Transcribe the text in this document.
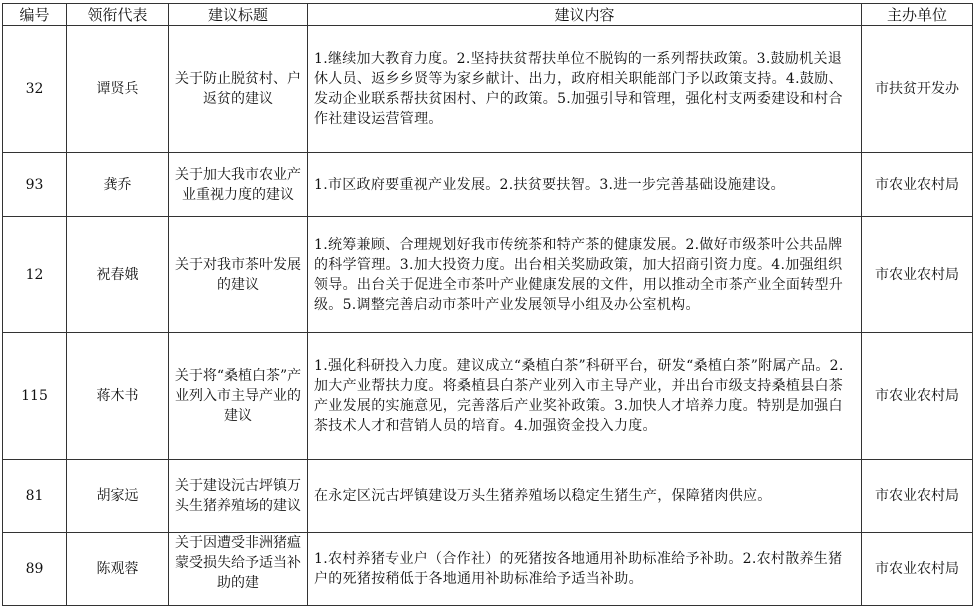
编号	领衔代表	建议标题	建议内容	主办单位
32	谭贤兵	关于防止脱贫村、户返贫的建议	1.继续加大教育力度。2.坚持扶贫帮扶单位不脱钩的一系列帮扶政策。3.鼓励机关退休人员、返乡乡贤等为家乡献计、出力，政府相关职能部门予以政策支持。4.鼓励、发动企业联系帮扶贫困村、户的政策。5.加强引导和管理，强化村支两委建设和村合作社建设运营管理。	市扶贫开发办
93	龚乔	关于加大我市农业产业重视力度的建议	1.市区政府要重视产业发展。2.扶贫要扶智。3.进一步完善基础设施建设。	市农业农村局
12	祝春娥	关于对我市茶叶发展的建议	1.统筹兼顾、合理规划好我市传统茶和特产茶的健康发展。2.做好市级茶叶公共品牌的科学管理。3.加大投资力度。出台相关奖励政策，加大招商引资力度。4.加强组织领导。出台关于促进全市茶叶产业健康发展的文件，用以推动全市茶产业全面转型升级。5.调整完善启动市茶叶产业发展领导小组及办公室机构。	市农业农村局
115	蒋木书	关于将“桑植白茶”产业列入市主导产业的建议	1.强化科研投入力度。建议成立“桑植白茶”科研平台，研发“桑植白茶”附属产品。2.加大产业帮扶力度。将桑植县白茶产业列入市主导产业，并出台市级支持桑植县白茶产业发展的实施意见，完善落后产业奖补政策。3.加快人才培养力度。特别是加强白茶技术人才和营销人员的培育。4.加强资金投入力度。	市农业农村局
81	胡家远	关于建设沅古坪镇万头生猪养殖场的建议	在永定区沅古坪镇建设万头生猪养殖场以稳定生猪生产，保障猪肉供应。	市农业农村局
89	陈观蓉	关于因遭受非洲猪瘟蒙受损失给予适当补助的建	1.农村养猪专业户（合作社）的死猪按各地通用补助标准给予补助。2.农村散养生猪户的死猪按稍低于各地通用补助标准给予适当补助。	市农业农村局
